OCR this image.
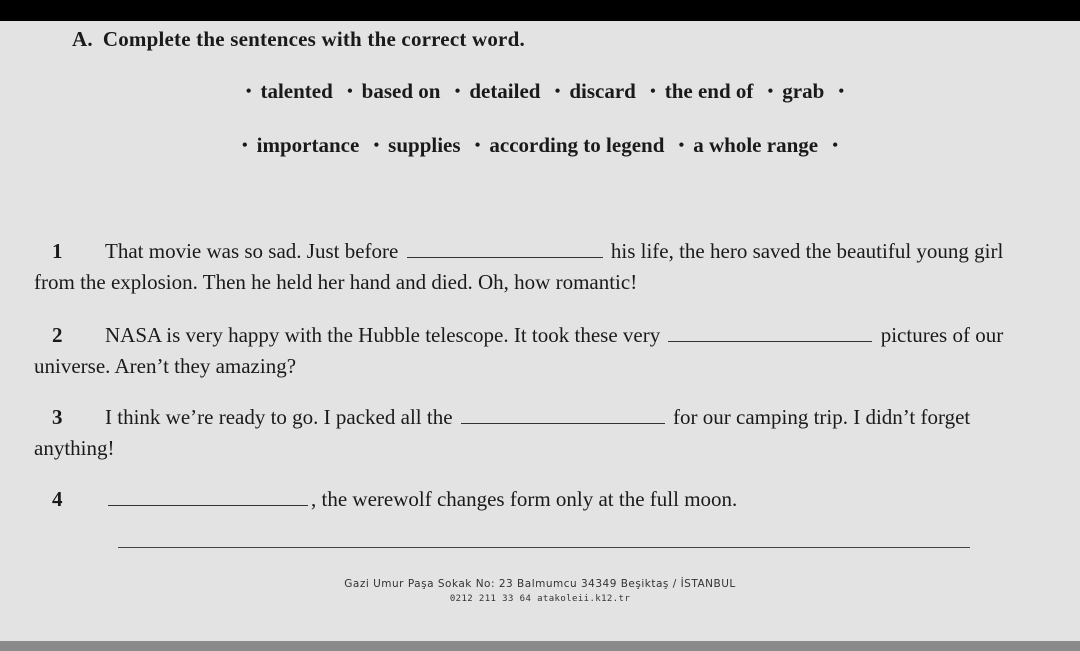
A. Complete the sentences with the correct word.
• talented • based on • detailed • discard • the end of • grab •
• importance • supplies • according to legend • a whole range •
1 That movie was so sad. Just before	his life, the hero saved the beautiful young girl from the explosion. Then he held her hand and died. Oh, how romantic!
2 NASA is very happy with the Hubble telescope. It took these very	pictures of our universe. Aren’t they amazing?
3 I think we’re ready to go. I packed all the	for our camping trip. I didn’t forget anything!
4	, the werewolf changes form only at the full moon.
Gazi Umur Paşa Sokak No: 23 Balmumcu 34349 Beşiktaş / İSTANBUL
0212 211 33 64 atakoleii.k12.tr
